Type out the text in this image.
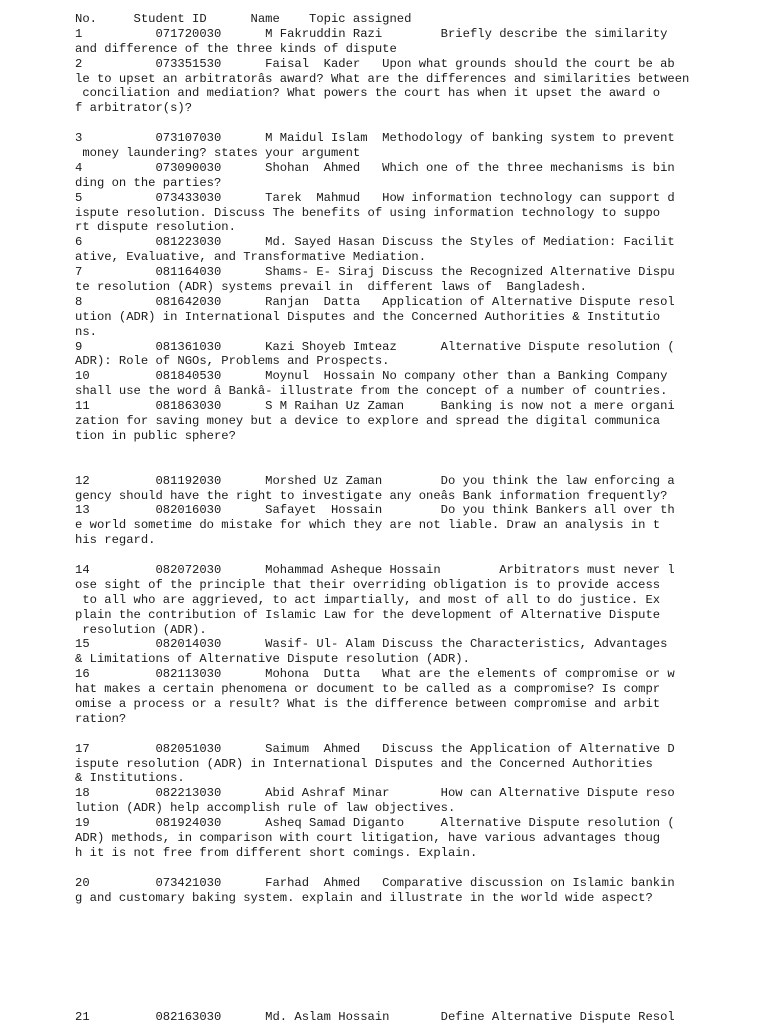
No.     Student ID      Name    Topic assigned
1          071720030      M Fakruddin Razi        Briefly describe the similarity
and difference of the three kinds of dispute
2          073351530      Faisal  Kader   Upon what grounds should the court be ab
le to upset an arbitratorâs award? What are the differences and similarities between
conciliation and mediation? What powers the court has when it upset the award o
f arbitrator(s)?
3          073107030      M Maidul Islam  Methodology of banking system to prevent
money laundering? states your argument
4          073090030      Shohan  Ahmed   Which one of the three mechanisms is bin
ding on the parties?
5          073433030      Tarek  Mahmud   How information technology can support d
ispute resolution. Discuss The benefits of using information technology to suppo
rt dispute resolution.
6          081223030      Md. Sayed Hasan Discuss the Styles of Mediation: Facilit
ative, Evaluative, and Transformative Mediation.
7          081164030      Shams- E- Siraj Discuss the Recognized Alternative Dispu
te resolution (ADR) systems prevail in  different laws of  Bangladesh.
8          081642030      Ranjan  Datta   Application of Alternative Dispute resol
ution (ADR) in International Disputes and the Concerned Authorities & Institutio
ns.
9          081361030      Kazi Shoyeb Imteaz      Alternative Dispute resolution (
ADR): Role of NGOs, Problems and Prospects.
10         081840530      Moynul  Hossain No company other than a Banking Company
shall use the word â Bankâ- illustrate from the concept of a number of countries.
11         081863030      S M Raihan Uz Zaman     Banking is now not a mere organi
zation for saving money but a device to explore and spread the digital communica
tion in public sphere?
12         081192030      Morshed Uz Zaman        Do you think the law enforcing a
gency should have the right to investigate any oneâs Bank information frequently?
13         082016030      Safayet  Hossain        Do you think Bankers all over th
e world sometime do mistake for which they are not liable. Draw an analysis in t
his regard.
14         082072030      Mohammad Asheque Hossain        Arbitrators must never l
ose sight of the principle that their overriding obligation is to provide access
to all who are aggrieved, to act impartially, and most of all to do justice. Ex
plain the contribution of Islamic Law for the development of Alternative Dispute
resolution (ADR).
15         082014030      Wasif- Ul- Alam Discuss the Characteristics, Advantages
& Limitations of Alternative Dispute resolution (ADR).
16         082113030      Mohona  Dutta   What are the elements of compromise or w
hat makes a certain phenomena or document to be called as a compromise? Is compr
omise a process or a result? What is the difference between compromise and arbit
ration?
17         082051030      Saimum  Ahmed   Discuss the Application of Alternative D
ispute resolution (ADR) in International Disputes and the Concerned Authorities
& Institutions.
18         082213030      Abid Ashraf Minar       How can Alternative Dispute reso
lution (ADR) help accomplish rule of law objectives.
19         081924030      Asheq Samad Diganto     Alternative Dispute resolution (
ADR) methods, in comparison with court litigation, have various advantages thoug
h it is not free from different short comings. Explain.
20         073421030      Farhad  Ahmed   Comparative discussion on Islamic bankin
g and customary baking system. explain and illustrate in the world wide aspect?
21         082163030      Md. Aslam Hossain       Define Alternative Dispute Resol
